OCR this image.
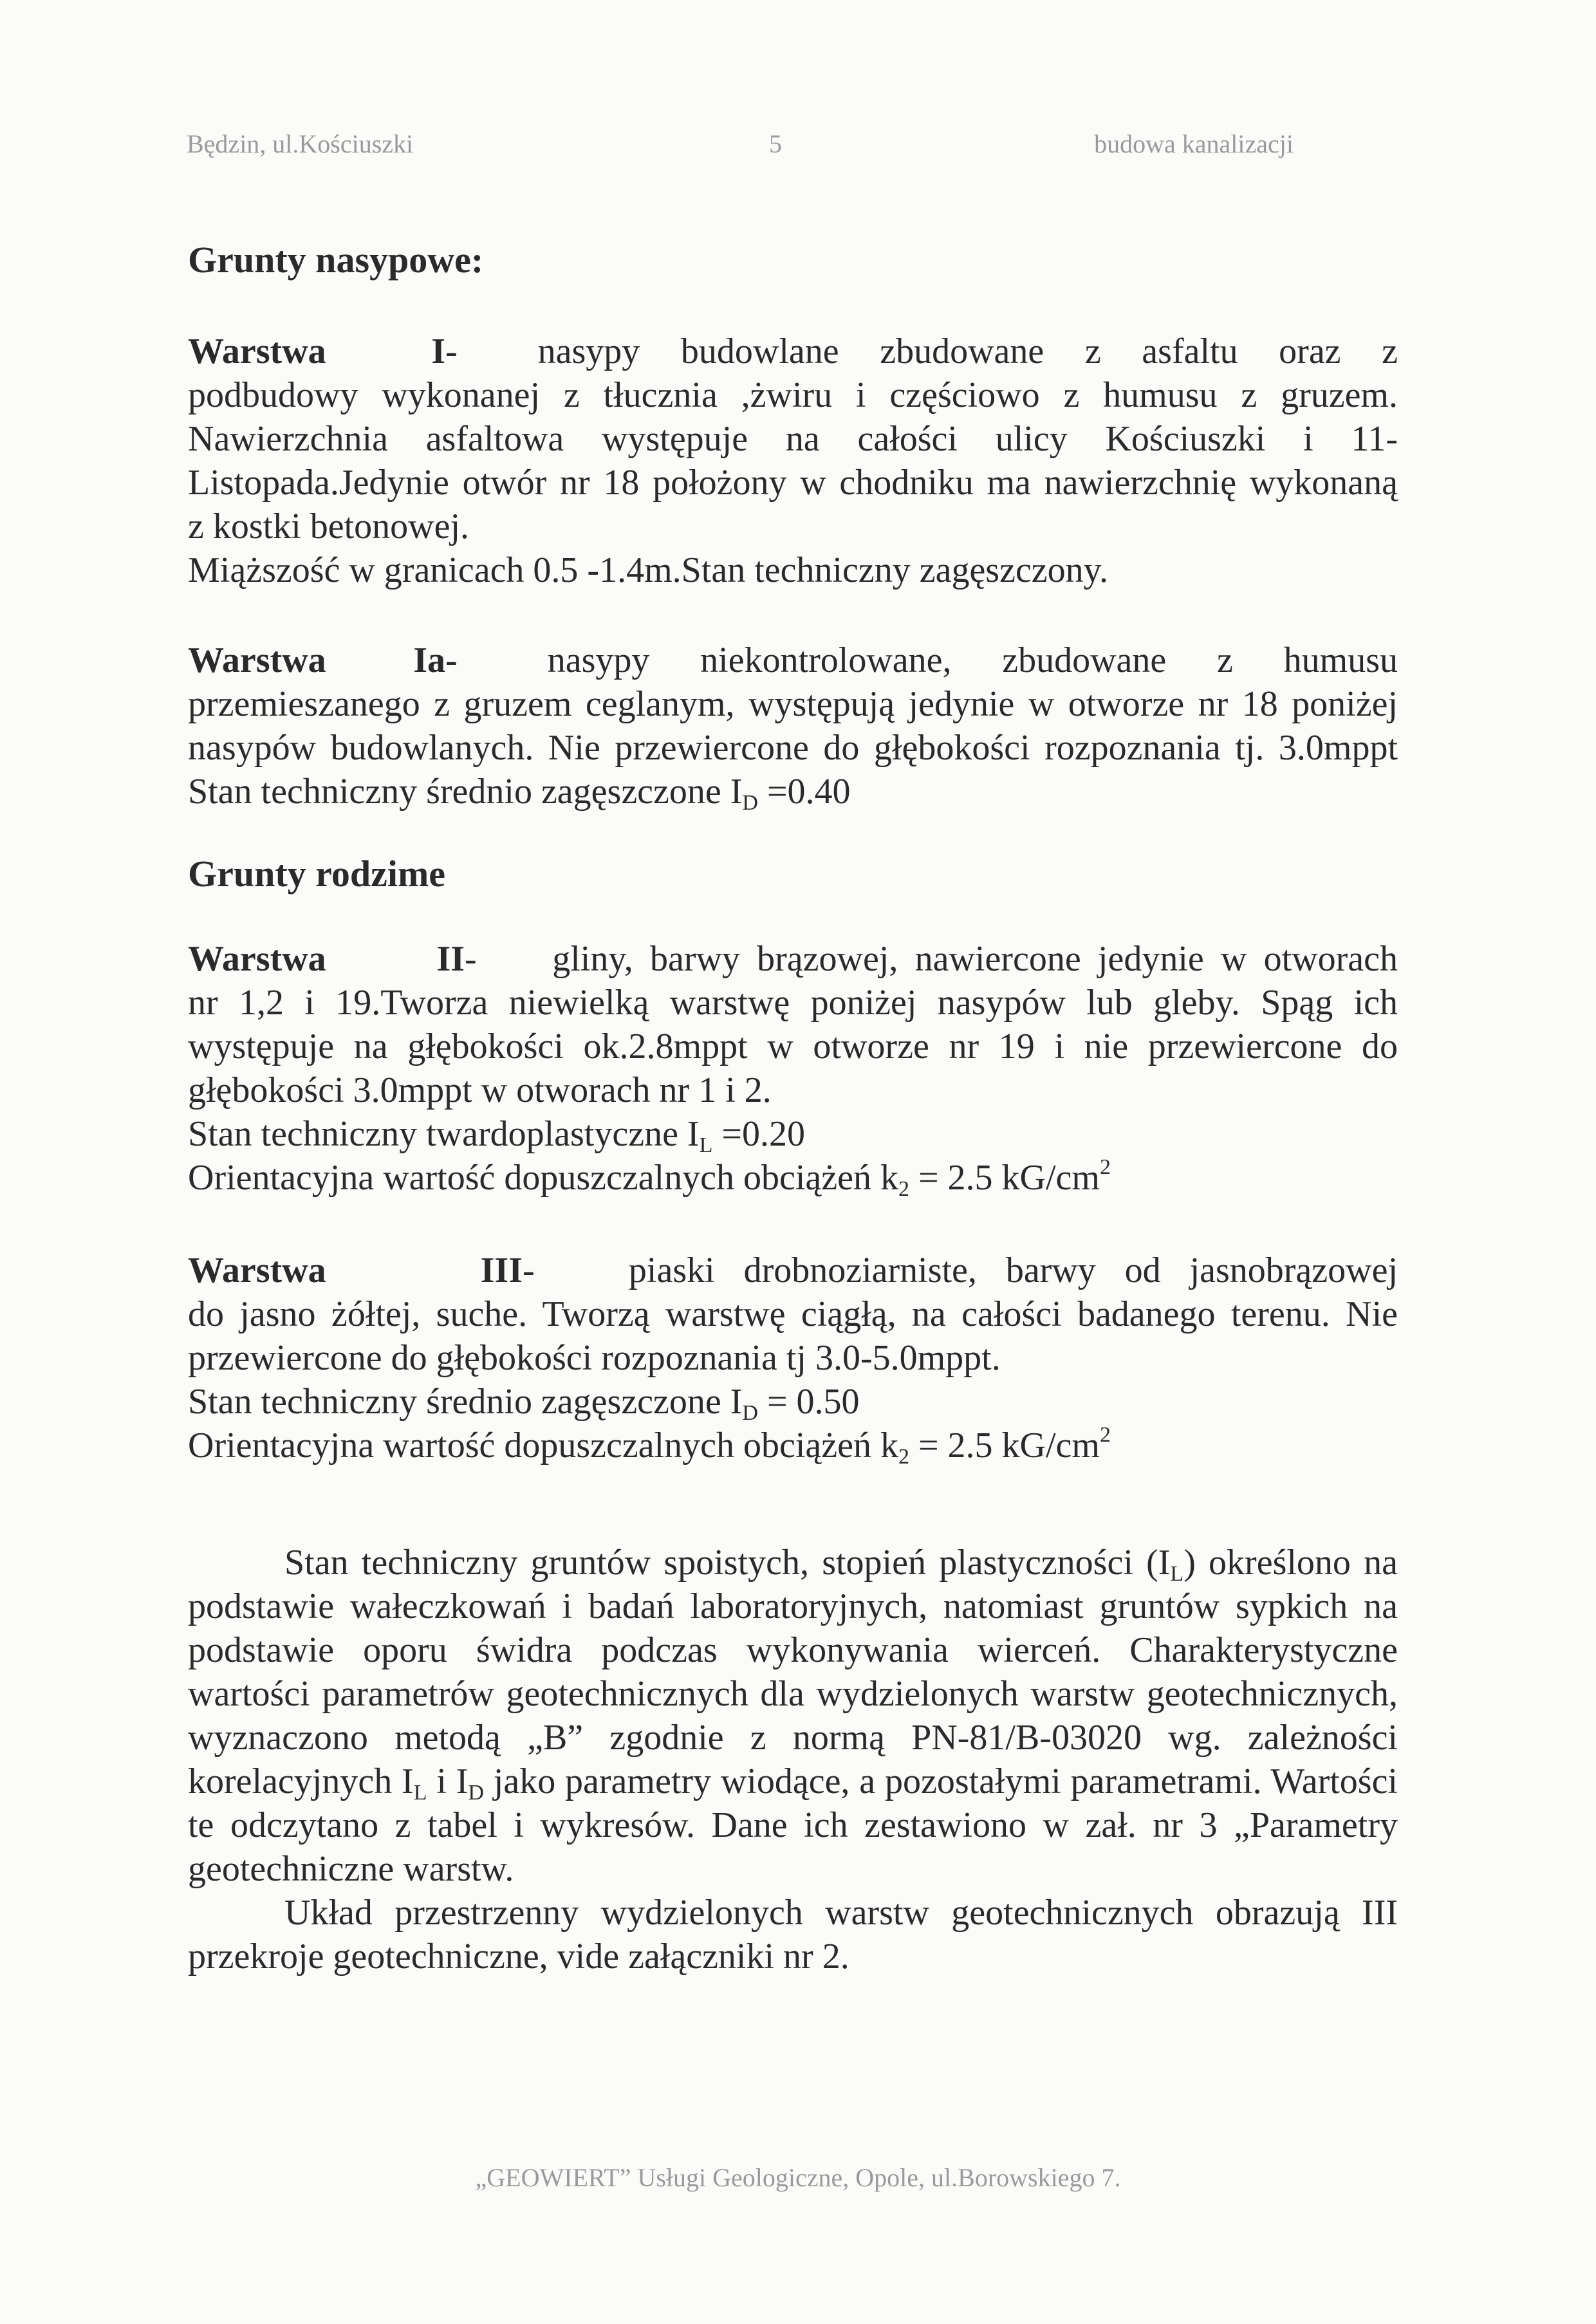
Będzin, ul.Kościuszki	5	budowa kanalizacji

Grunty nasypowe:

Warstwa I- nasypy budowlane zbudowane z asfaltu oraz z
podbudowy wykonanej z tłucznia ,żwiru i częściowo z humusu z gruzem.
Nawierzchnia asfaltowa występuje na całości ulicy Kościuszki i 11-
Listopada.Jedynie otwór nr 18 położony w chodniku ma nawierzchnię wykonaną
z kostki betonowej.
Miąższość w granicach 0.5 -1.4m.Stan techniczny zagęszczony.
Warstwa Ia-	nasypy niekontrolowane, zbudowane z humusu
przemieszanego z gruzem ceglanym, występują jedynie w otworze nr 18 poniżej
nasypów budowlanych. Nie przewiercone do głębokości rozpoznania tj. 3.0mppt
Stan techniczny średnio zagęszczone $I_D =0.40$

Grunty rodzime

Warstwa II- gliny, barwy brązowej, nawiercone jedynie w otworach
nr 1,2 i 19.Tworza niewielką warstwę poniżej nasypów lub gleby. Spąg ich
występuje na głębokości ok.2.8mppt w otworze nr 19 i nie przewiercone do
głębokości 3.0mppt w otworach nr 1 i 2.
Stan techniczny twardoplastyczne $I_L =0.20$
Orientacyjna wartość dopuszczalnych obciążeń $k_2 = 2.5$ $kG/cm^2$
Warstwa III-	piaski drobnoziarniste, barwy od jasnobrązowej
do jasno żółtej, suche. Tworzą warstwę ciągłą, na całości badanego terenu. Nie
przewiercone do głębokości rozpoznania tj 3.0-5.0mppt.
Stan techniczny średnio zagęszczone $I_D = 0.50$
Orientacyjna wartość dopuszczalnych obciążeń $k_2 = 2.5$ $kG/cm^2$

Stan techniczny gruntów spoistych, stopień plastyczności $(I_L)$ określono na podstawie wałeczkowań i badań laboratoryjnych, natomiast gruntów sypkich na podstawie oporu świdra podczas wykonywania wierceń. Charakterystyczne wartości parametrów geotechnicznych dla wydzielonych warstw geotechnicznych, wyznaczono metodą „B” zgodnie z normą PN-81/B-03020 wg. zależności korelacyjnych $I_L$ i $I_D$ jako parametry wiodące, a pozostałymi parametrami. Wartości te odczytano z tabel i wykresów. Dane ich zestawiono w zał. nr 3 „Parametry geotechniczne warstw.

Układ przestrzenny wydzielonych warstw geotechnicznych obrazują III przekroje geotechniczne, vide załączniki nr 2.

„GEOWIERT” Usługi Geologiczne, Opole, ul.Borowskiego 7.
